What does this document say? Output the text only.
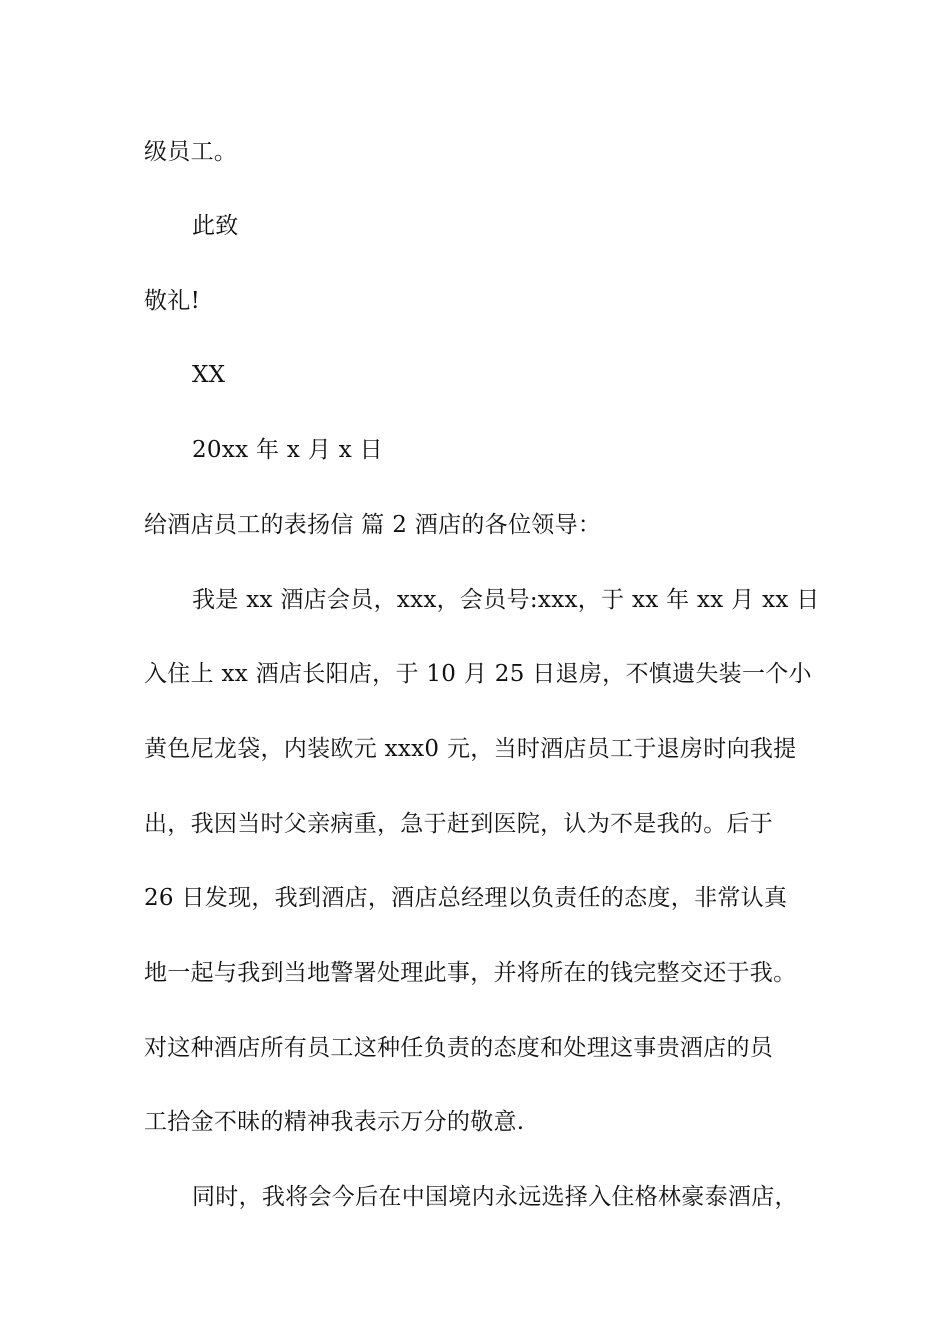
级员工。

此致

敬礼!

XX

20xx 年 x 月 x 日

给酒店员工的表扬信 篇 2 酒店的各位领导：

我是 xx 酒店会员，xxx，会员号:xxx，于 xx 年 xx 月 xx 日

入住上 xx 酒店长阳店，于 10 月 25 日退房，不慎遗失装一个小

黄色尼龙袋，内装欧元 xxx0 元，当时酒店员工于退房时向我提

出，我因当时父亲病重，急于赶到医院，认为不是我的。后于

26 日发现，我到酒店，酒店总经理以负责任的态度，非常认真

地一起与我到当地警署处理此事，并将所在的钱完整交还于我。

对这种酒店所有员工这种任负责的态度和处理这事贵酒店的员

工拾金不昧的精神我表示万分的敬意.

同时，我将会今后在中国境内永远选择入住格林豪泰酒店，
